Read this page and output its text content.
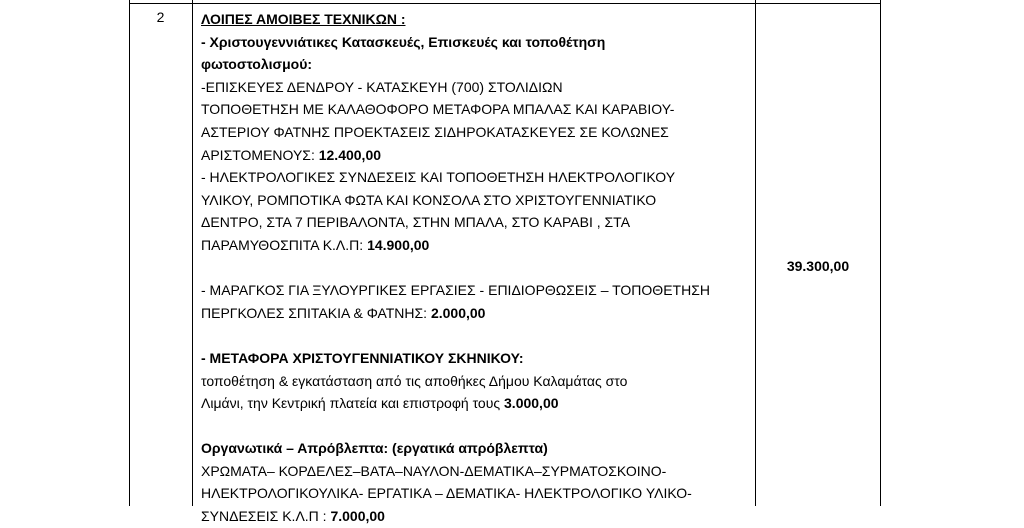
2	ΛΟΙΠΕΣ ΑΜΟΙΒΕΣ ΤΕΧΝΙΚΩΝ :
- Χριστουγεννιάτικες Κατασκευές, Επισκευές και τοποθέτηση
φωτοστολισμού:
-ΕΠΙΣΚΕΥΕΣ ΔΕΝΔΡΟΥ - ΚΑΤΑΣΚΕΥΗ (700) ΣΤΟΛΙΔΙΩΝ
ΤΟΠΟΘΕΤΗΣΗ ΜΕ ΚΑΛΑΘΟΦΟΡΟ ΜΕΤΑΦΟΡΑ ΜΠΑΛΑΣ ΚΑΙ ΚΑΡΑΒΙΟΥ-
ΑΣΤΕΡΙΟΥ ΦΑΤΝΗΣ ΠΡΟΕΚΤΑΣΕΙΣ ΣΙΔΗΡΟΚΑΤΑΣΚΕΥΕΣ ΣΕ ΚΟΛΩΝΕΣ
ΑΡΙΣΤΟΜΕΝΟΥΣ: 12.400,00
- ΗΛΕΚΤΡΟΛΟΓΙΚΕΣ ΣΥΝΔΕΣΕΙΣ ΚΑΙ ΤΟΠΟΘΕΤΗΣΗ ΗΛΕΚΤΡΟΛΟΓΙΚΟΥ
ΥΛΙΚΟΥ, ΡΟΜΠΟΤΙΚΑ ΦΩΤΑ ΚΑΙ ΚΟΝΣΟΛΑ ΣΤΟ ΧΡΙΣΤΟΥΓΕΝΝΙΑΤΙΚΟ
ΔΕΝΤΡΟ, ΣΤΑ 7 ΠΕΡΙΒΑΛΟΝΤΑ, ΣΤΗΝ ΜΠΑΛΑ, ΣΤΟ ΚΑΡΑΒΙ , ΣΤΑ
ΠΑΡΑΜΥΘΟΣΠΙΤΑ Κ.Λ.Π: 14.900,00
- ΜΑΡΑΓΚΟΣ ΓΙΑ ΞΥΛΟΥΡΓΙΚΕΣ ΕΡΓΑΣΙΕΣ - ΕΠΙΔΙΟΡΘΩΣΕΙΣ – ΤΟΠΟΘΕΤΗΣΗ
ΠΕΡΓΚΟΛΕΣ ΣΠΙΤΑΚΙΑ & ΦΑΤΝΗΣ: 2.000,00
- ΜΕΤΑΦΟΡΑ ΧΡΙΣΤΟΥΓΕΝΝΙΑΤΙΚΟΥ ΣΚΗΝΙΚΟΥ:
τοποθέτηση & εγκατάσταση από τις αποθήκες Δήμου Καλαμάτας στο
Λιμάνι, την Κεντρική πλατεία και επιστροφή τους 3.000,00
Οργανωτικά – Απρόβλεπτα: (εργατικά απρόβλεπτα)
ΧΡΩΜΑΤΑ– ΚΟΡΔΕΛΕΣ–ΒΑΤΑ–ΝΑΥΛΟΝ-ΔΕΜΑΤΙΚΑ–ΣΥΡΜΑΤΟΣΚΟΙΝΟ-
ΗΛΕΚΤΡΟΛΟΓΙΚΟΥΛΙΚΑ- ΕΡΓΑΤΙΚΑ – ΔΕΜΑΤΙΚΑ- ΗΛΕΚΤΡΟΛΟΓΙΚΟ ΥΛΙΚΟ-
ΣΥΝΔΕΣΕΙΣ Κ.Λ.Π : 7.000,00
39.300,00
